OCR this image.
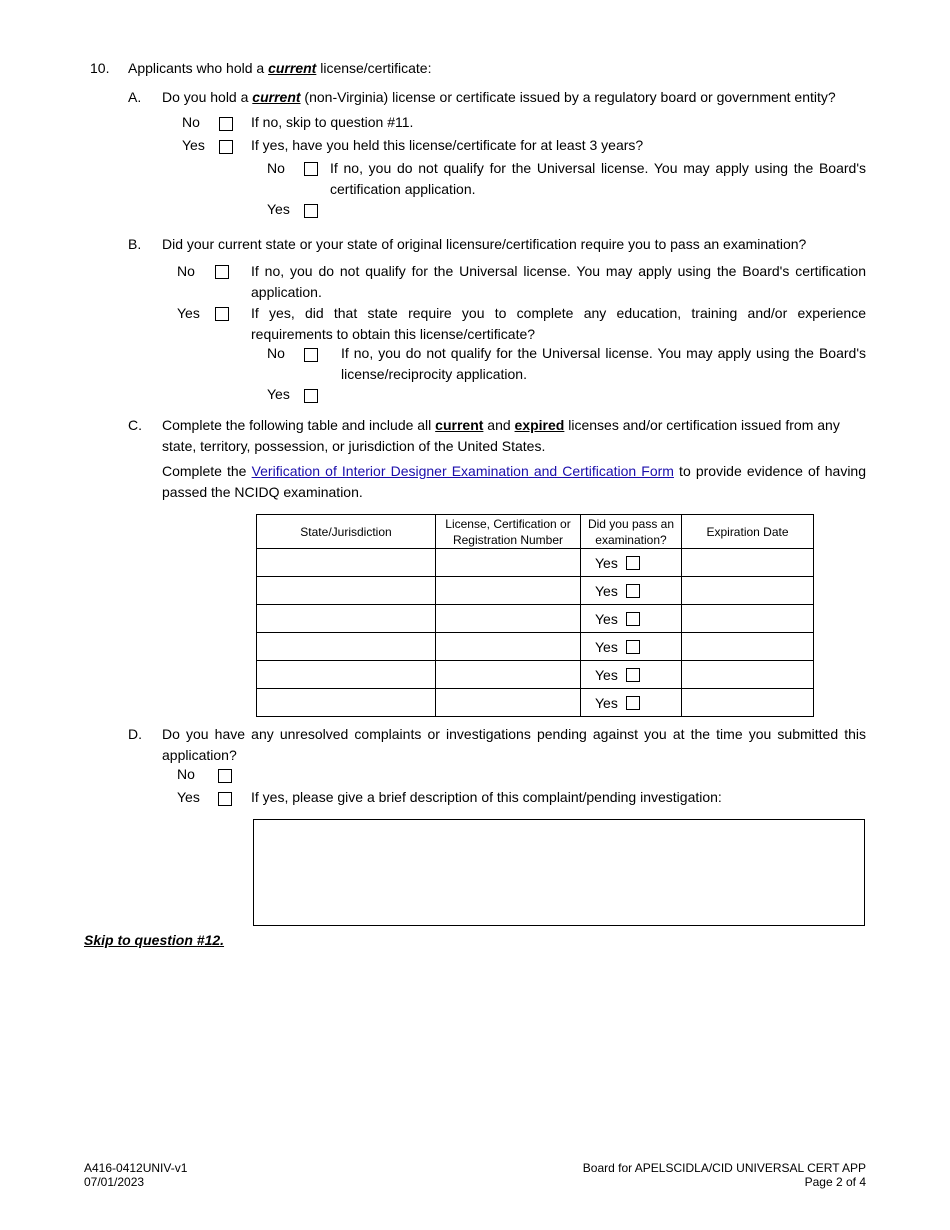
10. Applicants who hold a current license/certificate:
A. Do you hold a current (non-Virginia) license or certificate issued by a regulatory board or government entity?
No	If no, skip to question #11.
Yes	If yes, have you held this license/certificate for at least 3 years?
No	If no, you do not qualify for the Universal license. You may apply using the Board's certification application.
Yes
B. Did your current state or your state of original licensure/certification require you to pass an examination?
No	If no, you do not qualify for the Universal license. You may apply using the Board's certification application.
Yes	If yes, did that state require you to complete any education, training and/or experience requirements to obtain this license/certificate?
No	If no, you do not qualify for the Universal license. You may apply using the Board's license/reciprocity application.
Yes
C. Complete the following table and include all current and expired licenses and/or certification issued from any state, territory, possession, or jurisdiction of the United States.
Complete the Verification of Interior Designer Examination and Certification Form to provide evidence of having passed the NCIDQ examination.
State/Jurisdiction	License, Certification or Registration Number	Did you pass an examination?	Expiration Date

		Yes	

		Yes	

		Yes	

		Yes	

		Yes	

		Yes	

D. Do you have any unresolved complaints or investigations pending against you at the time you submitted this application?
No
Yes	If yes, please give a brief description of this complaint/pending investigation:
Skip to question #12.
A416-0412UNIV-v1
07/01/2023
Board for APELSCIDLA/CID UNIVERSAL CERT APP
Page 2 of 4
